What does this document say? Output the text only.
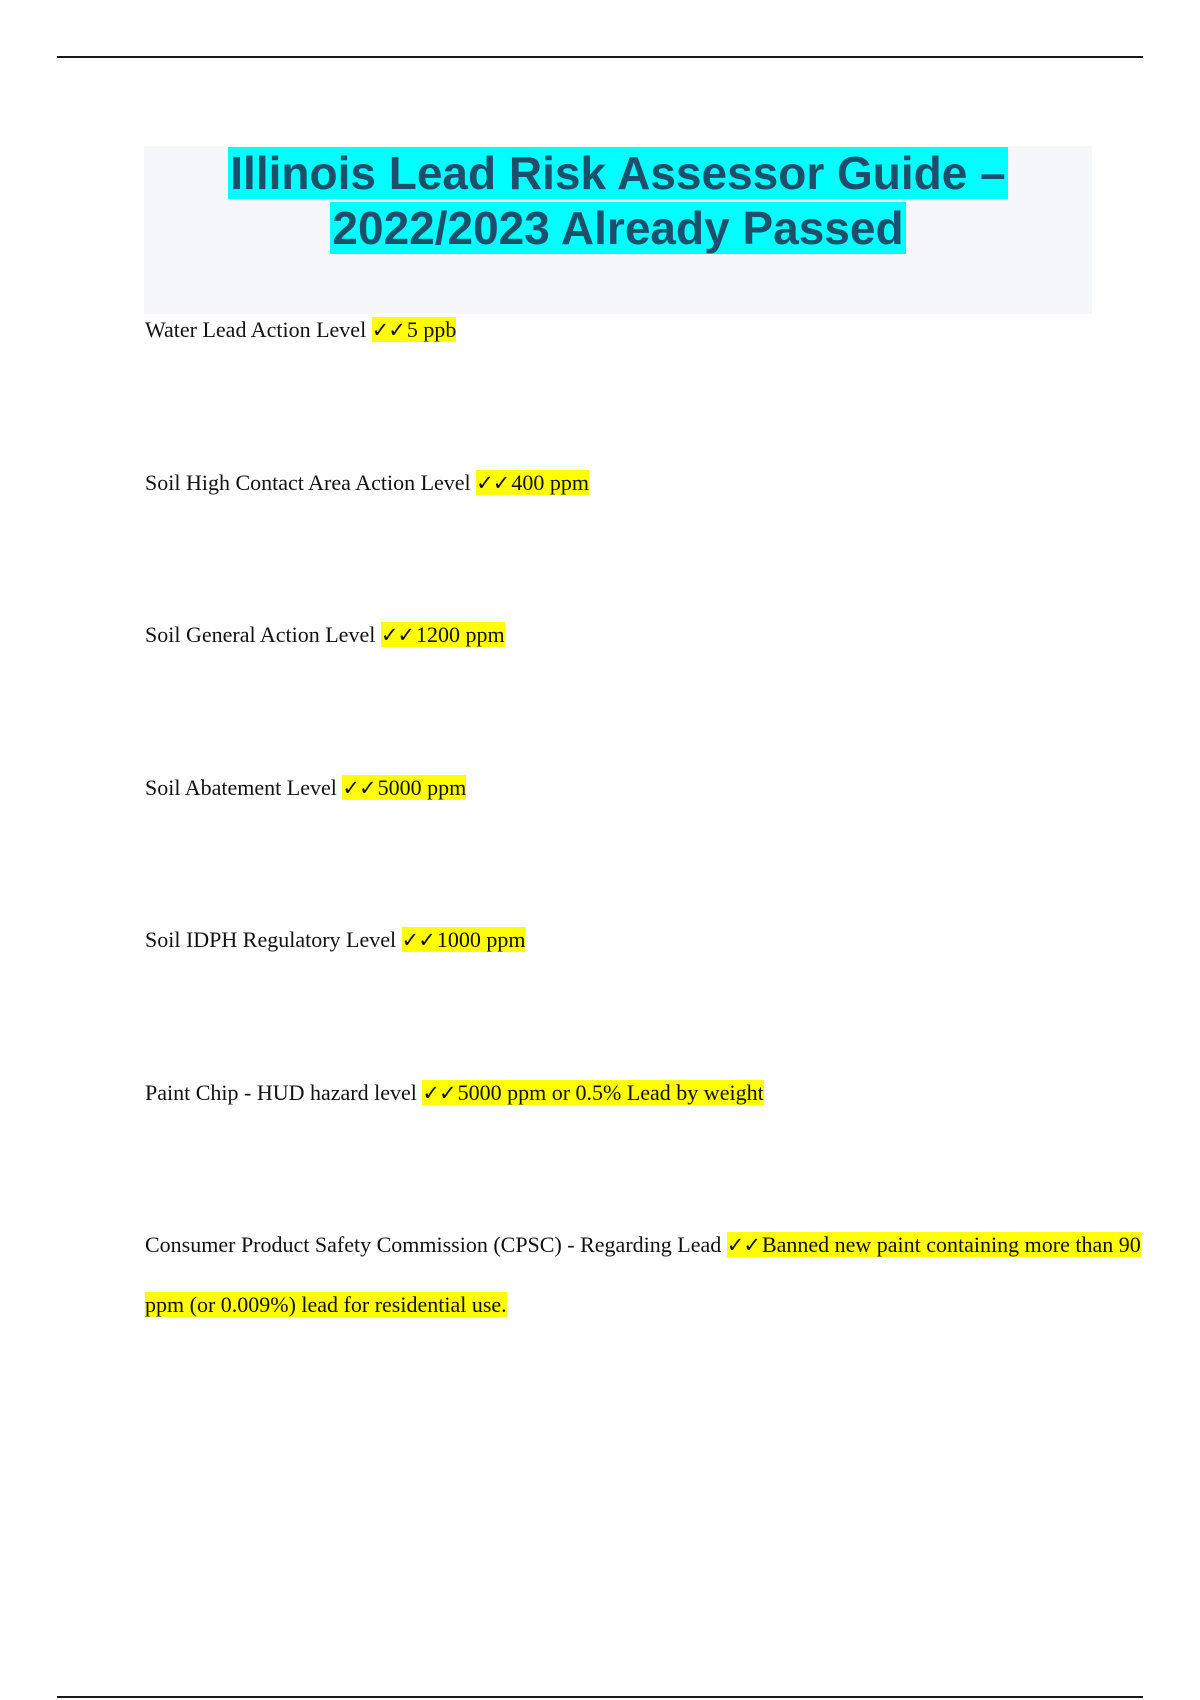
Illinois Lead Risk Assessor Guide –
2022/2023 Already Passed

Water Lead Action Level ✓✓5 ppb

Soil High Contact Area Action Level ✓✓400 ppm

Soil General Action Level ✓✓1200 ppm

Soil Abatement Level ✓✓5000 ppm

Soil IDPH Regulatory Level ✓✓1000 ppm

Paint Chip - HUD hazard level ✓✓5000 ppm or 0.5% Lead by weight

Consumer Product Safety Commission (CPSC) - Regarding Lead ✓✓Banned new paint containing more than 90 ppm (or 0.009%) lead for residential use.
